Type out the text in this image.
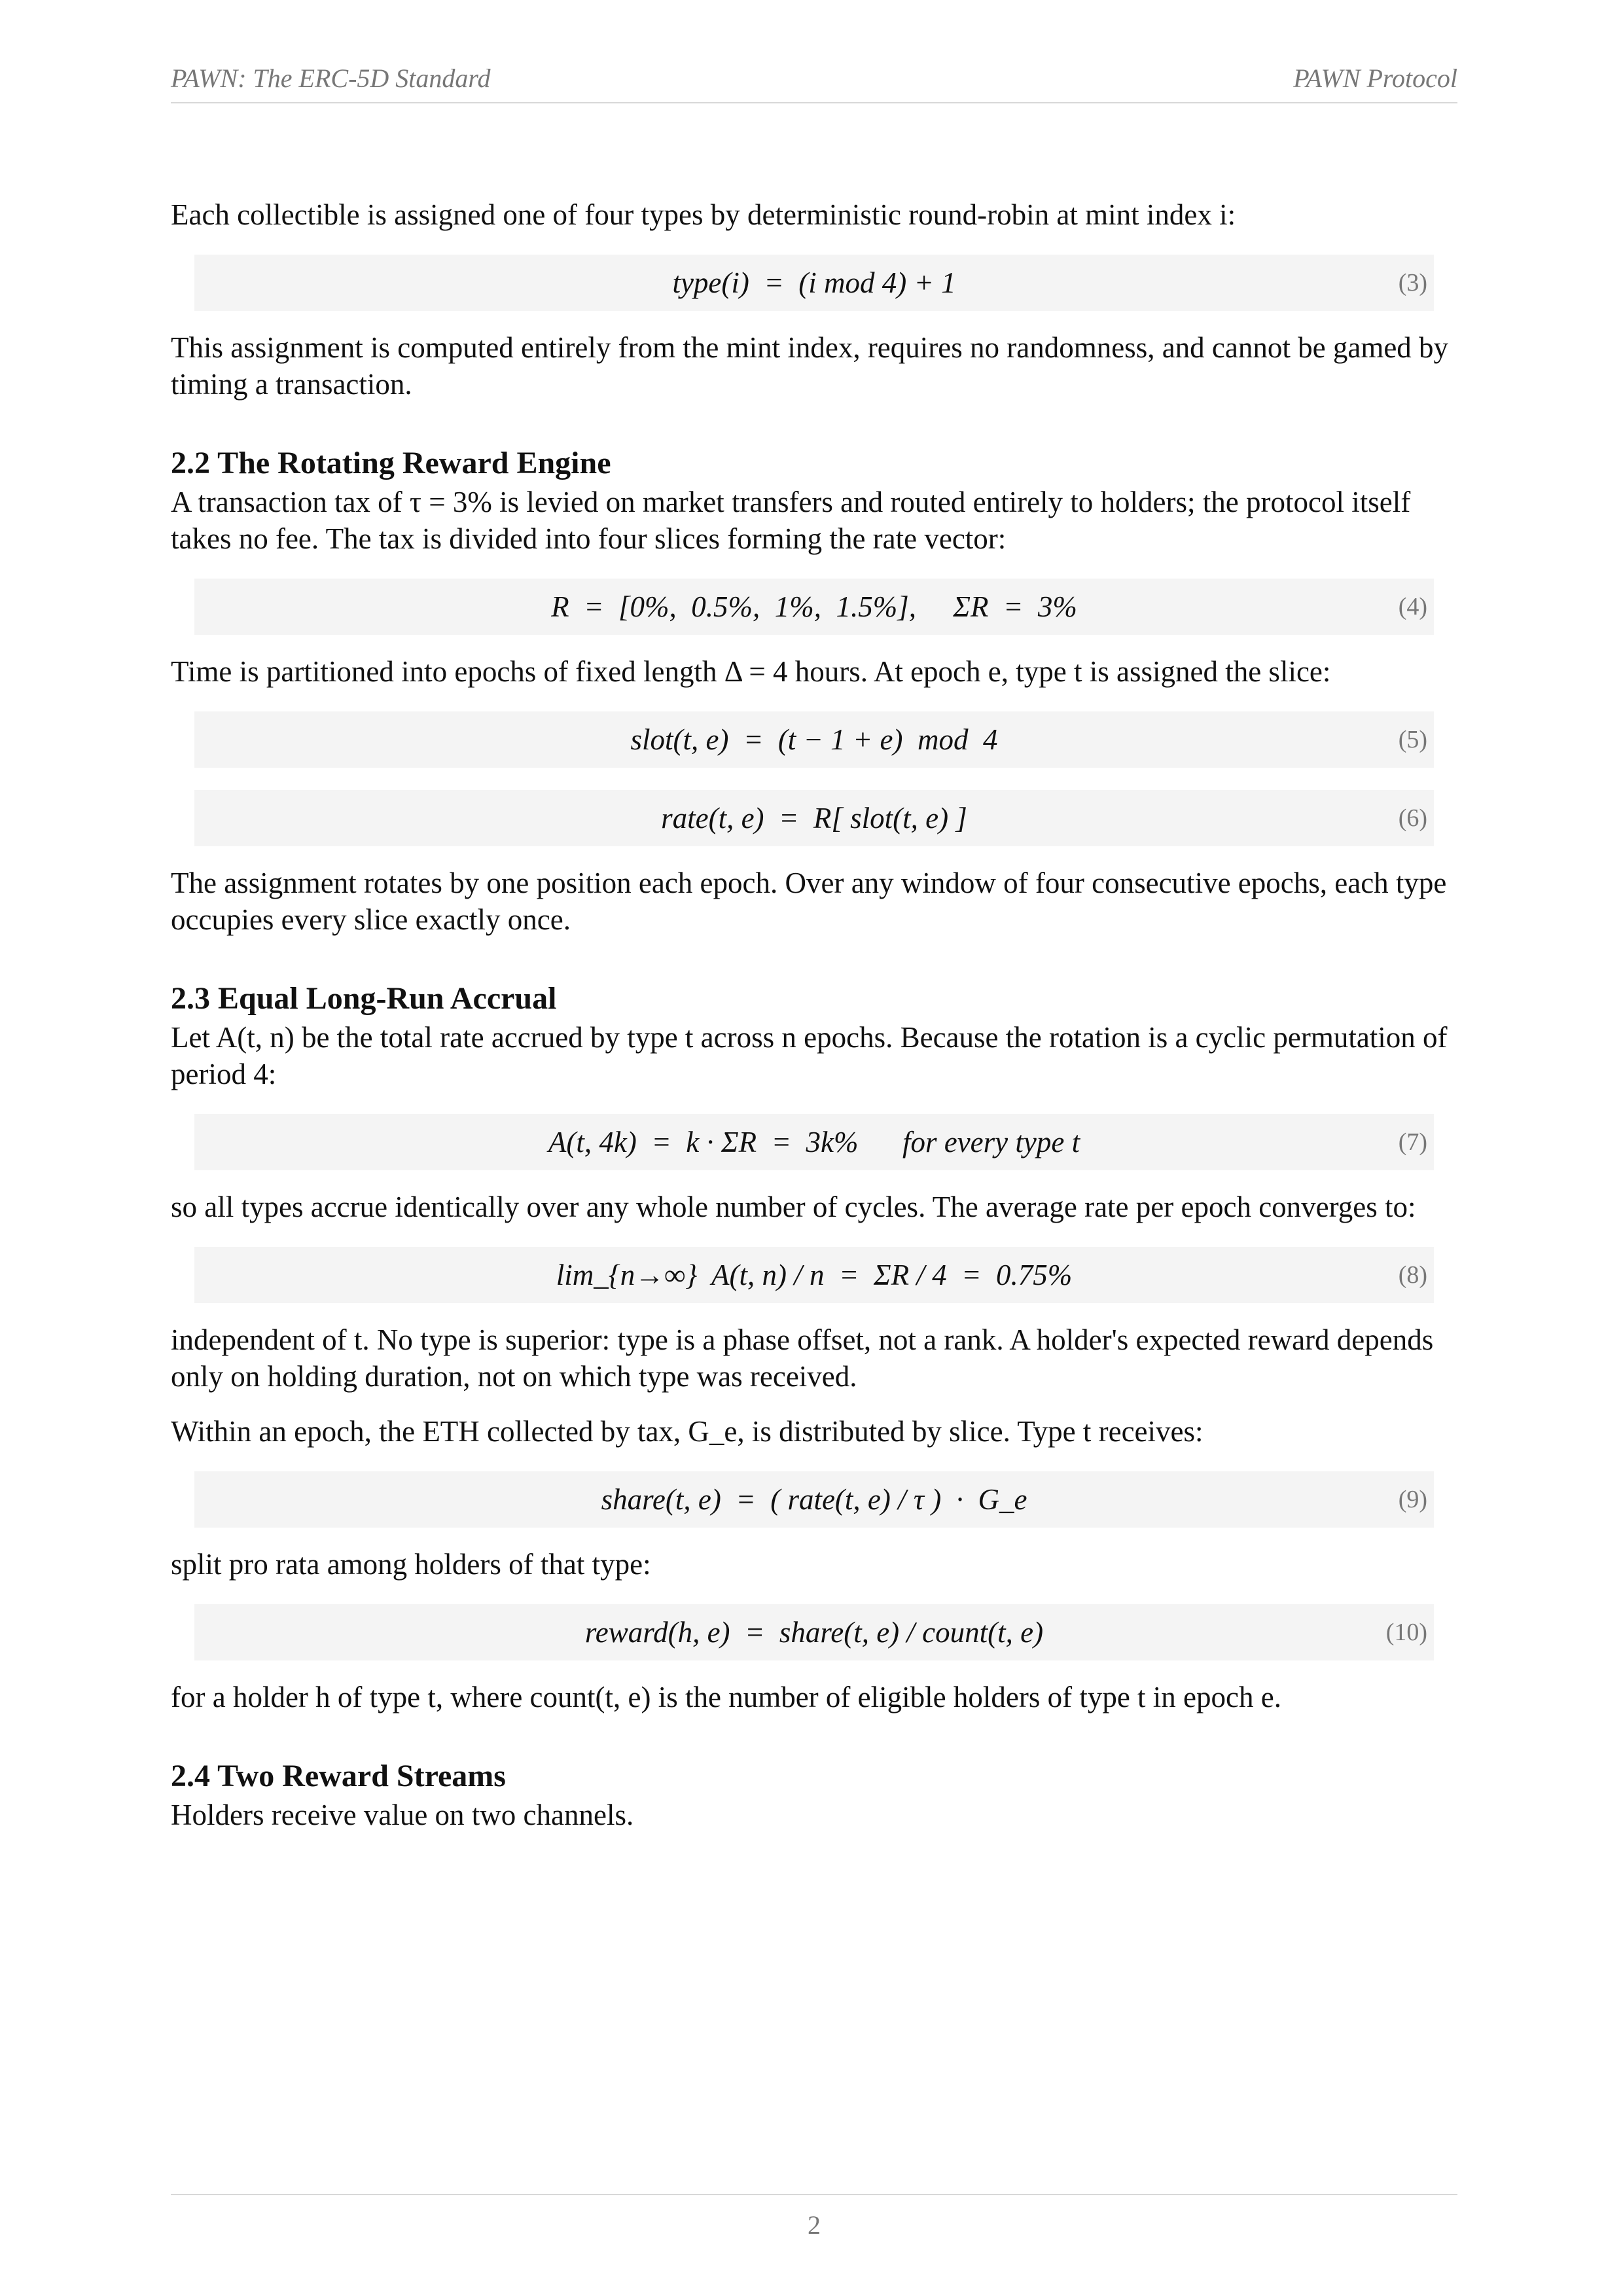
PAWN: The ERC-5D Standard	PAWN Protocol

Each collectible is assigned one of four types by deterministic round-robin at mint index i:

type(i)  =  (i mod 4) + 1	(3)

This assignment is computed entirely from the mint index, requires no randomness, and cannot be gamed by timing a transaction.

2.2 The Rotating Reward Engine

A transaction tax of τ = 3% is levied on market transfers and routed entirely to holders; the protocol itself takes no fee. The tax is divided into four slices forming the rate vector:

R  =  [0%,  0.5%,  1%,  1.5%],     ΣR  =  3%	(4)

Time is partitioned into epochs of fixed length Δ = 4 hours. At epoch e, type t is assigned the slice:

slot(t, e)  =  (t − 1 + e)  mod  4	(5)
rate(t, e)  =  R[ slot(t, e) ]	(6)

The assignment rotates by one position each epoch. Over any window of four consecutive epochs, each type occupies every slice exactly once.

2.3 Equal Long-Run Accrual

Let A(t, n) be the total rate accrued by type t across n epochs. Because the rotation is a cyclic permutation of period 4:

A(t, 4k)  =  k · ΣR  =  3k%      for every type t	(7)

so all types accrue identically over any whole number of cycles. The average rate per epoch converges to:

lim_{n→∞}  A(t, n) / n  =  ΣR / 4  =  0.75%	(8)

independent of t. No type is superior: type is a phase offset, not a rank. A holder's expected reward depends only on holding duration, not on which type was received.

Within an epoch, the ETH collected by tax, G_e, is distributed by slice. Type t receives:

share(t, e)  =  ( rate(t, e) / τ )  ·  G_e	(9)

split pro rata among holders of that type:

reward(h, e)  =  share(t, e) / count(t, e)	(10)

for a holder h of type t, where count(t, e) is the number of eligible holders of type t in epoch e.

2.4 Two Reward Streams

Holders receive value on two channels.

2
